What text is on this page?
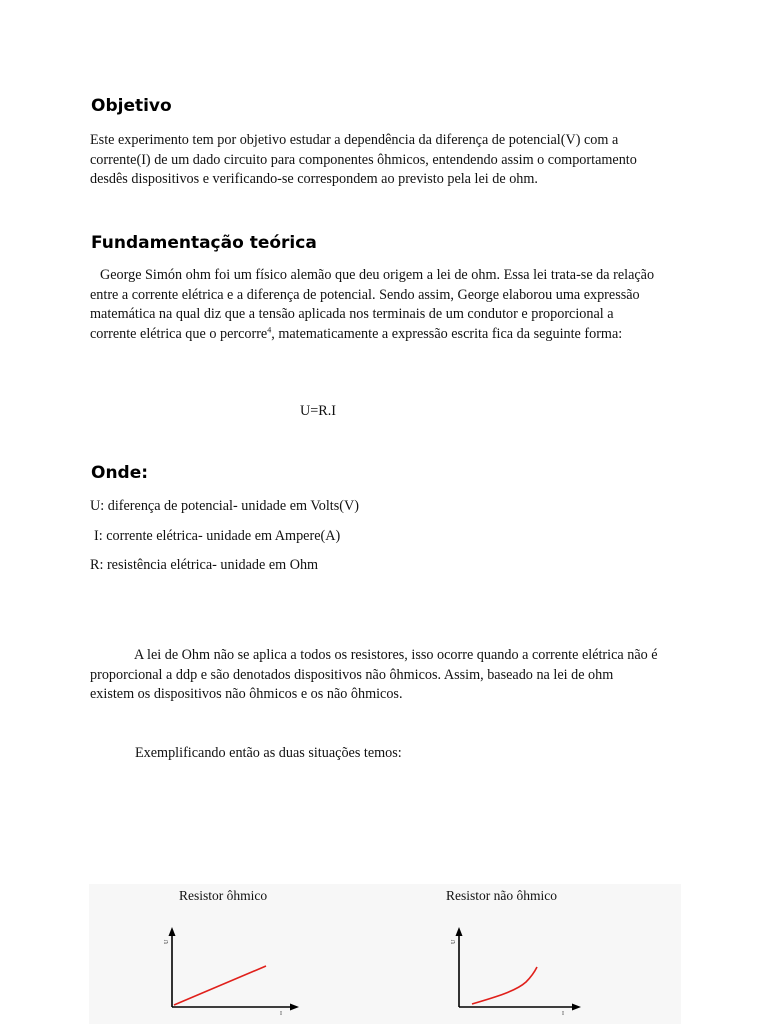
Objetivo

Este experimento tem por objetivo estudar a dependência da diferença de potencial(V) com a corrente(I) de um dado circuito para componentes ôhmicos, entendendo assim o comportamento desdês dispositivos e verificando-se correspondem ao previsto pela lei de ohm.

Fundamentação teórica

George Simón ohm foi um físico alemão que deu origem a lei de ohm. Essa lei trata-se da relação entre a corrente elétrica e a diferença de potencial. Sendo assim, George elaborou uma expressão matemática na qual diz que a tensão aplicada nos terminais de um condutor e proporcional a corrente elétrica que o percorre$^4$, matematicamente a expressão escrita fica da seguinte forma:

U=R.I
Onde:
U: diferença de potencial- unidade em Volts(V)
I: corrente elétrica- unidade em Ampere(A)
R: resistência elétrica- unidade em Ohm

A lei de Ohm não se aplica a todos os resistores, isso ocorre quando a corrente elétrica não é proporcional a ddp e são denotados dispositivos não ôhmicos. Assim, baseado na lei de ohm existem os dispositivos não ôhmicos e os não ôhmicos.

Exemplificando então as duas situações temos:
Resistor ôhmico	Resistor não ôhmico
U
I
U
I
